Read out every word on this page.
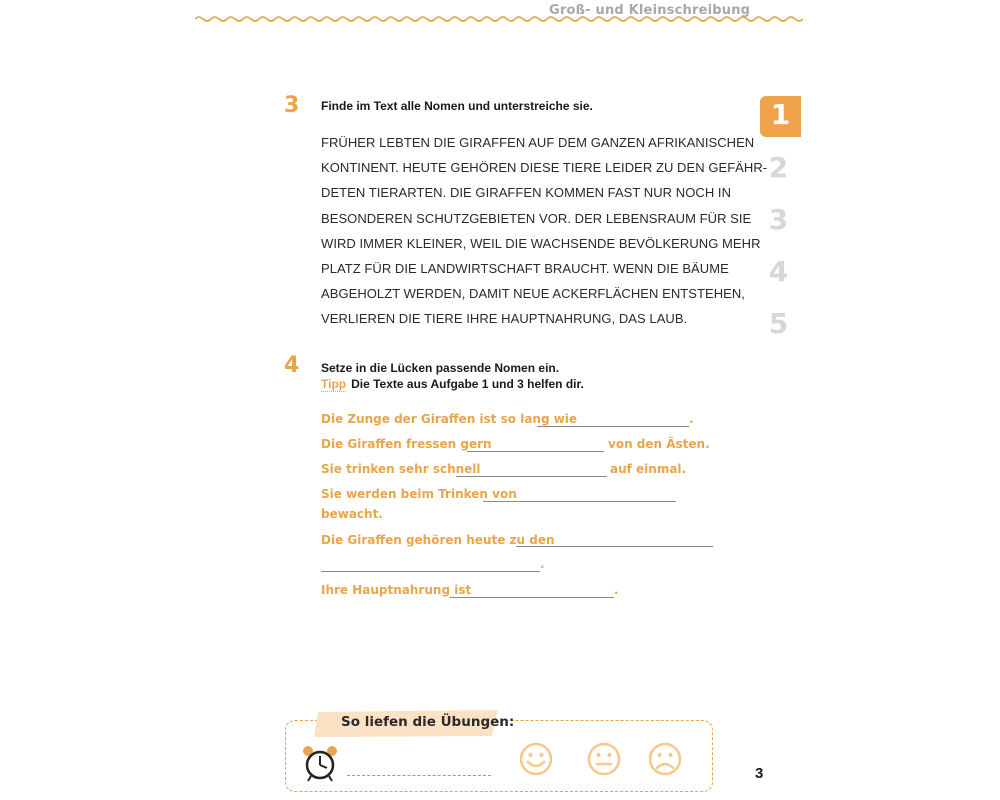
Groß- und Kleinschreibung
3 Finde im Text alle Nomen und unterstreiche sie.
FRÜHER LEBTEN DIE GIRAFFEN AUF DEM GANZEN AFRIKANISCHEN
KONTINENT. HEUTE GEHÖREN DIESE TIERE LEIDER ZU DEN GEFÄHR-
DETEN TIERARTEN. DIE GIRAFFEN KOMMEN FAST NUR NOCH IN
BESONDEREN SCHUTZGEBIETEN VOR. DER LEBENSRAUM FÜR SIE
WIRD IMMER KLEINER, WEIL DIE WACHSENDE BEVÖLKERUNG MEHR
PLATZ FÜR DIE LANDWIRTSCHAFT BRAUCHT. WENN DIE BÄUME
ABGEHOLZT WERDEN, DAMIT NEUE ACKERFLÄCHEN ENTSTEHEN,
VERLIEREN DIE TIERE IHRE HAUPTNAHRUNG, DAS LAUB.
4 Setze in die Lücken passende Nomen ein.
Tipp Die Texte aus Aufgabe 1 und 3 helfen dir.
Die Zunge der Giraffen ist so lang wie	.
Die Giraffen fressen gern	von den Ästen.
Sie trinken sehr schnell	auf einmal.
Sie werden beim Trinken von
bewacht.
Die Giraffen gehören heute zu den
.
Ihre Hauptnahrung ist	.
1
2
3
4
5
So liefen die Übungen:
3
